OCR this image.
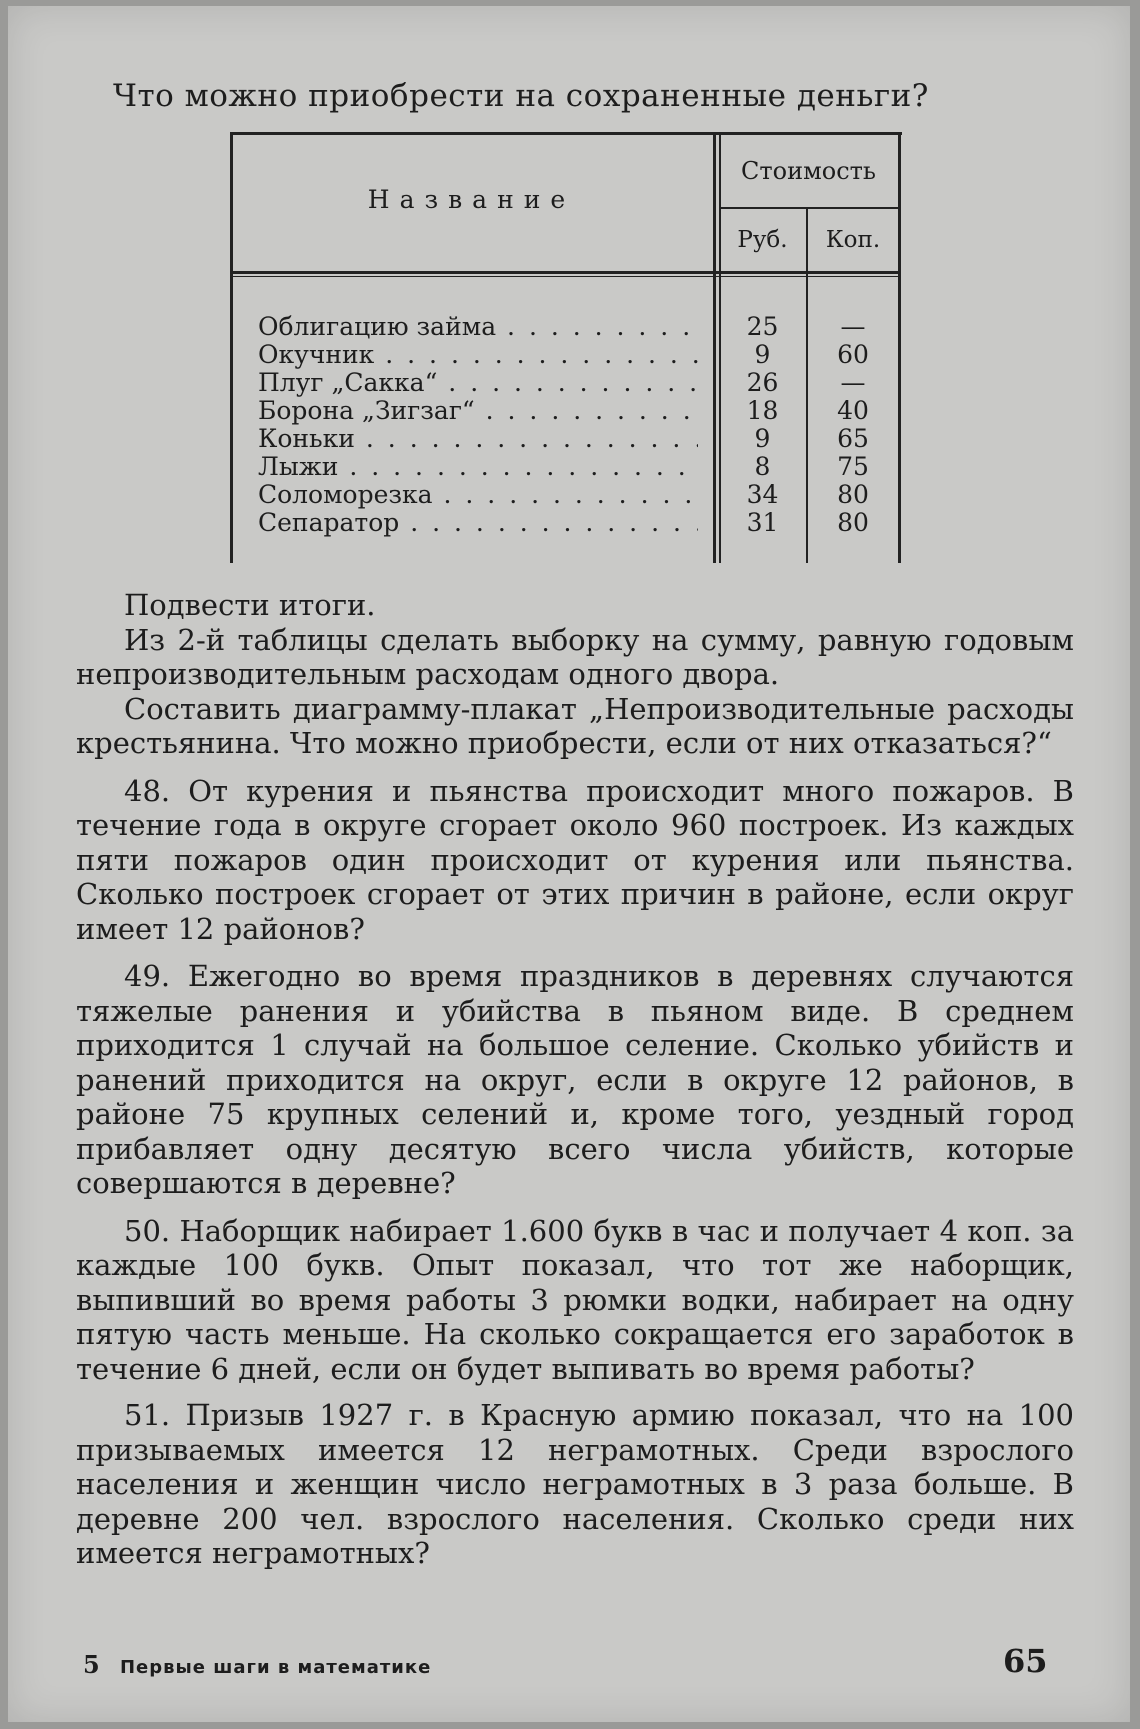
Что можно приобрести на сохраненные деньги?
Название
Стоимость
Руб.	Коп.
Облигацию займа . . .	25	—
Окучник . . .	9	60
Плуг „Сакка“ . . .	26	—
Борона „Зигзаг“ . . .	18	40
Коньки . . .	9	65
Лыжи . . .	8	75
Соломорезка . . .	34	80
Сепаратор . . .	31	80

Подвести итоги.

Из 2-й таблицы сделать выборку на сумму, равную годовым непроизводительным расходам одного двора.

Составить диаграмму-плакат „Непроизводительные расходы крестьянина. Что можно приобрести, если от них отказаться?“

48. От курения и пьянства происходит много пожаров. В течение года в округе сгорает около 960 построек. Из каждых пяти пожаров один происходит от курения или пьянства. Сколько построек сгорает от этих причин в районе, если округ имеет 12 районов?

49. Ежегодно во время праздников в деревнях случаются тяжелые ранения и убийства в пьяном виде. В среднем приходится 1 случай на большое селение. Сколько убийств и ранений приходится на округ, если в округе 12 районов, в районе 75 крупных селений и, кроме того, уездный город прибавляет одну десятую всего числа убийств, которые совершаются в деревне?

50. Наборщик набирает 1.600 букв в час и получает 4 коп. за каждые 100 букв. Опыт показал, что тот же наборщик, выпивший во время работы 3 рюмки водки, набирает на одну пятую часть меньше. На сколько сокращается его заработок в течение 6 дней, если он будет выпивать во время работы?

51. Призыв 1927 г. в Красную армию показал, что на 100 призываемых имеется 12 неграмотных. Среди взрослого населения и женщин число неграмотных в 3 раза больше. В деревне 200 чел. взрослого населения. Сколько среди них имеется неграмотных?

5 Первые шаги в математике	65
